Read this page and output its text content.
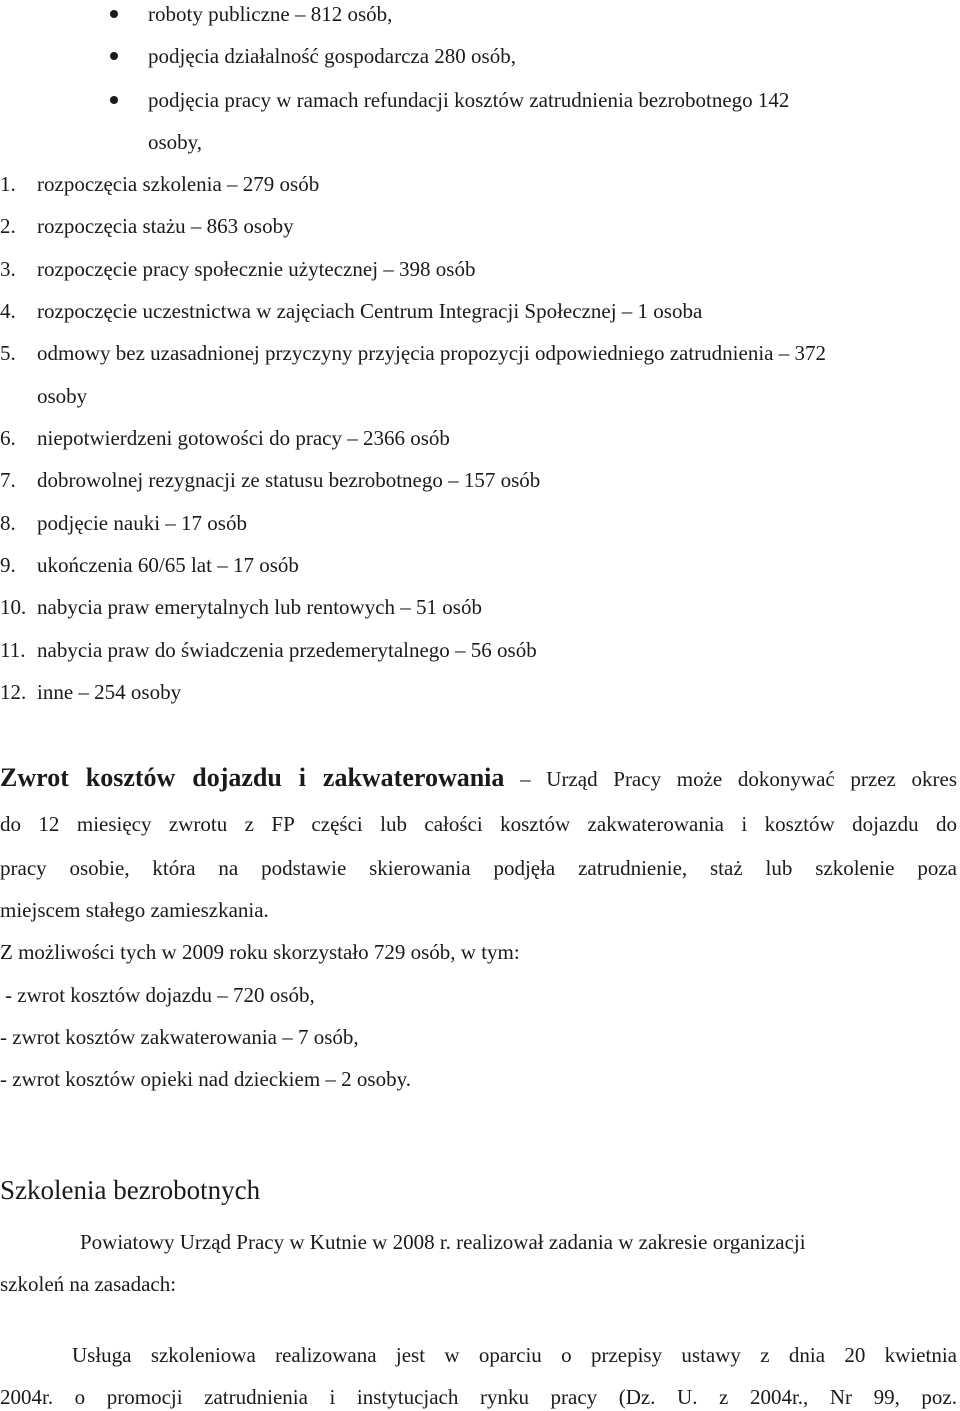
roboty publiczne – 812 osób,
podjęcia działalność gospodarcza 280 osób,
podjęcia pracy w ramach refundacji kosztów zatrudnienia bezrobotnego 142
osoby,
1. rozpoczęcia szkolenia – 279 osób
2. rozpoczęcia stażu – 863 osoby
3. rozpoczęcie pracy społecznie użytecznej – 398 osób
4. rozpoczęcie uczestnictwa w zajęciach Centrum Integracji Społecznej – 1 osoba
5. odmowy bez uzasadnionej przyczyny przyjęcia propozycji odpowiedniego zatrudnienia – 372
osoby
6. niepotwierdzeni gotowości do pracy – 2366 osób
7. dobrowolnej rezygnacji ze statusu bezrobotnego – 157 osób
8. podjęcie nauki – 17 osób
9. ukończenia 60/65 lat – 17 osób
10. nabycia praw emerytalnych lub rentowych – 51 osób
11. nabycia praw do świadczenia przedemerytalnego – 56 osób
12. inne – 254 osoby
Zwrot kosztów dojazdu i zakwaterowania – Urząd Pracy może dokonywać przez okres
do 12 miesięcy zwrotu z FP części lub całości kosztów zakwaterowania i kosztów dojazdu do
pracy osobie, która na podstawie skierowania podjęła zatrudnienie, staż lub szkolenie poza
miejscem stałego zamieszkania.
Z możliwości tych w 2009 roku skorzystało 729 osób, w tym:
- zwrot kosztów dojazdu – 720 osób,
- zwrot kosztów zakwaterowania – 7 osób,
- zwrot kosztów opieki nad dzieckiem – 2 osoby.
Szkolenia bezrobotnych
Powiatowy Urząd Pracy w Kutnie w 2008 r. realizował zadania w zakresie organizacji
szkoleń na zasadach:
Usługa szkoleniowa realizowana jest w oparciu o przepisy ustawy z dnia 20 kwietnia
2004r. o promocji zatrudnienia i instytucjach rynku pracy (Dz. U. z 2004r., Nr 99, poz.
